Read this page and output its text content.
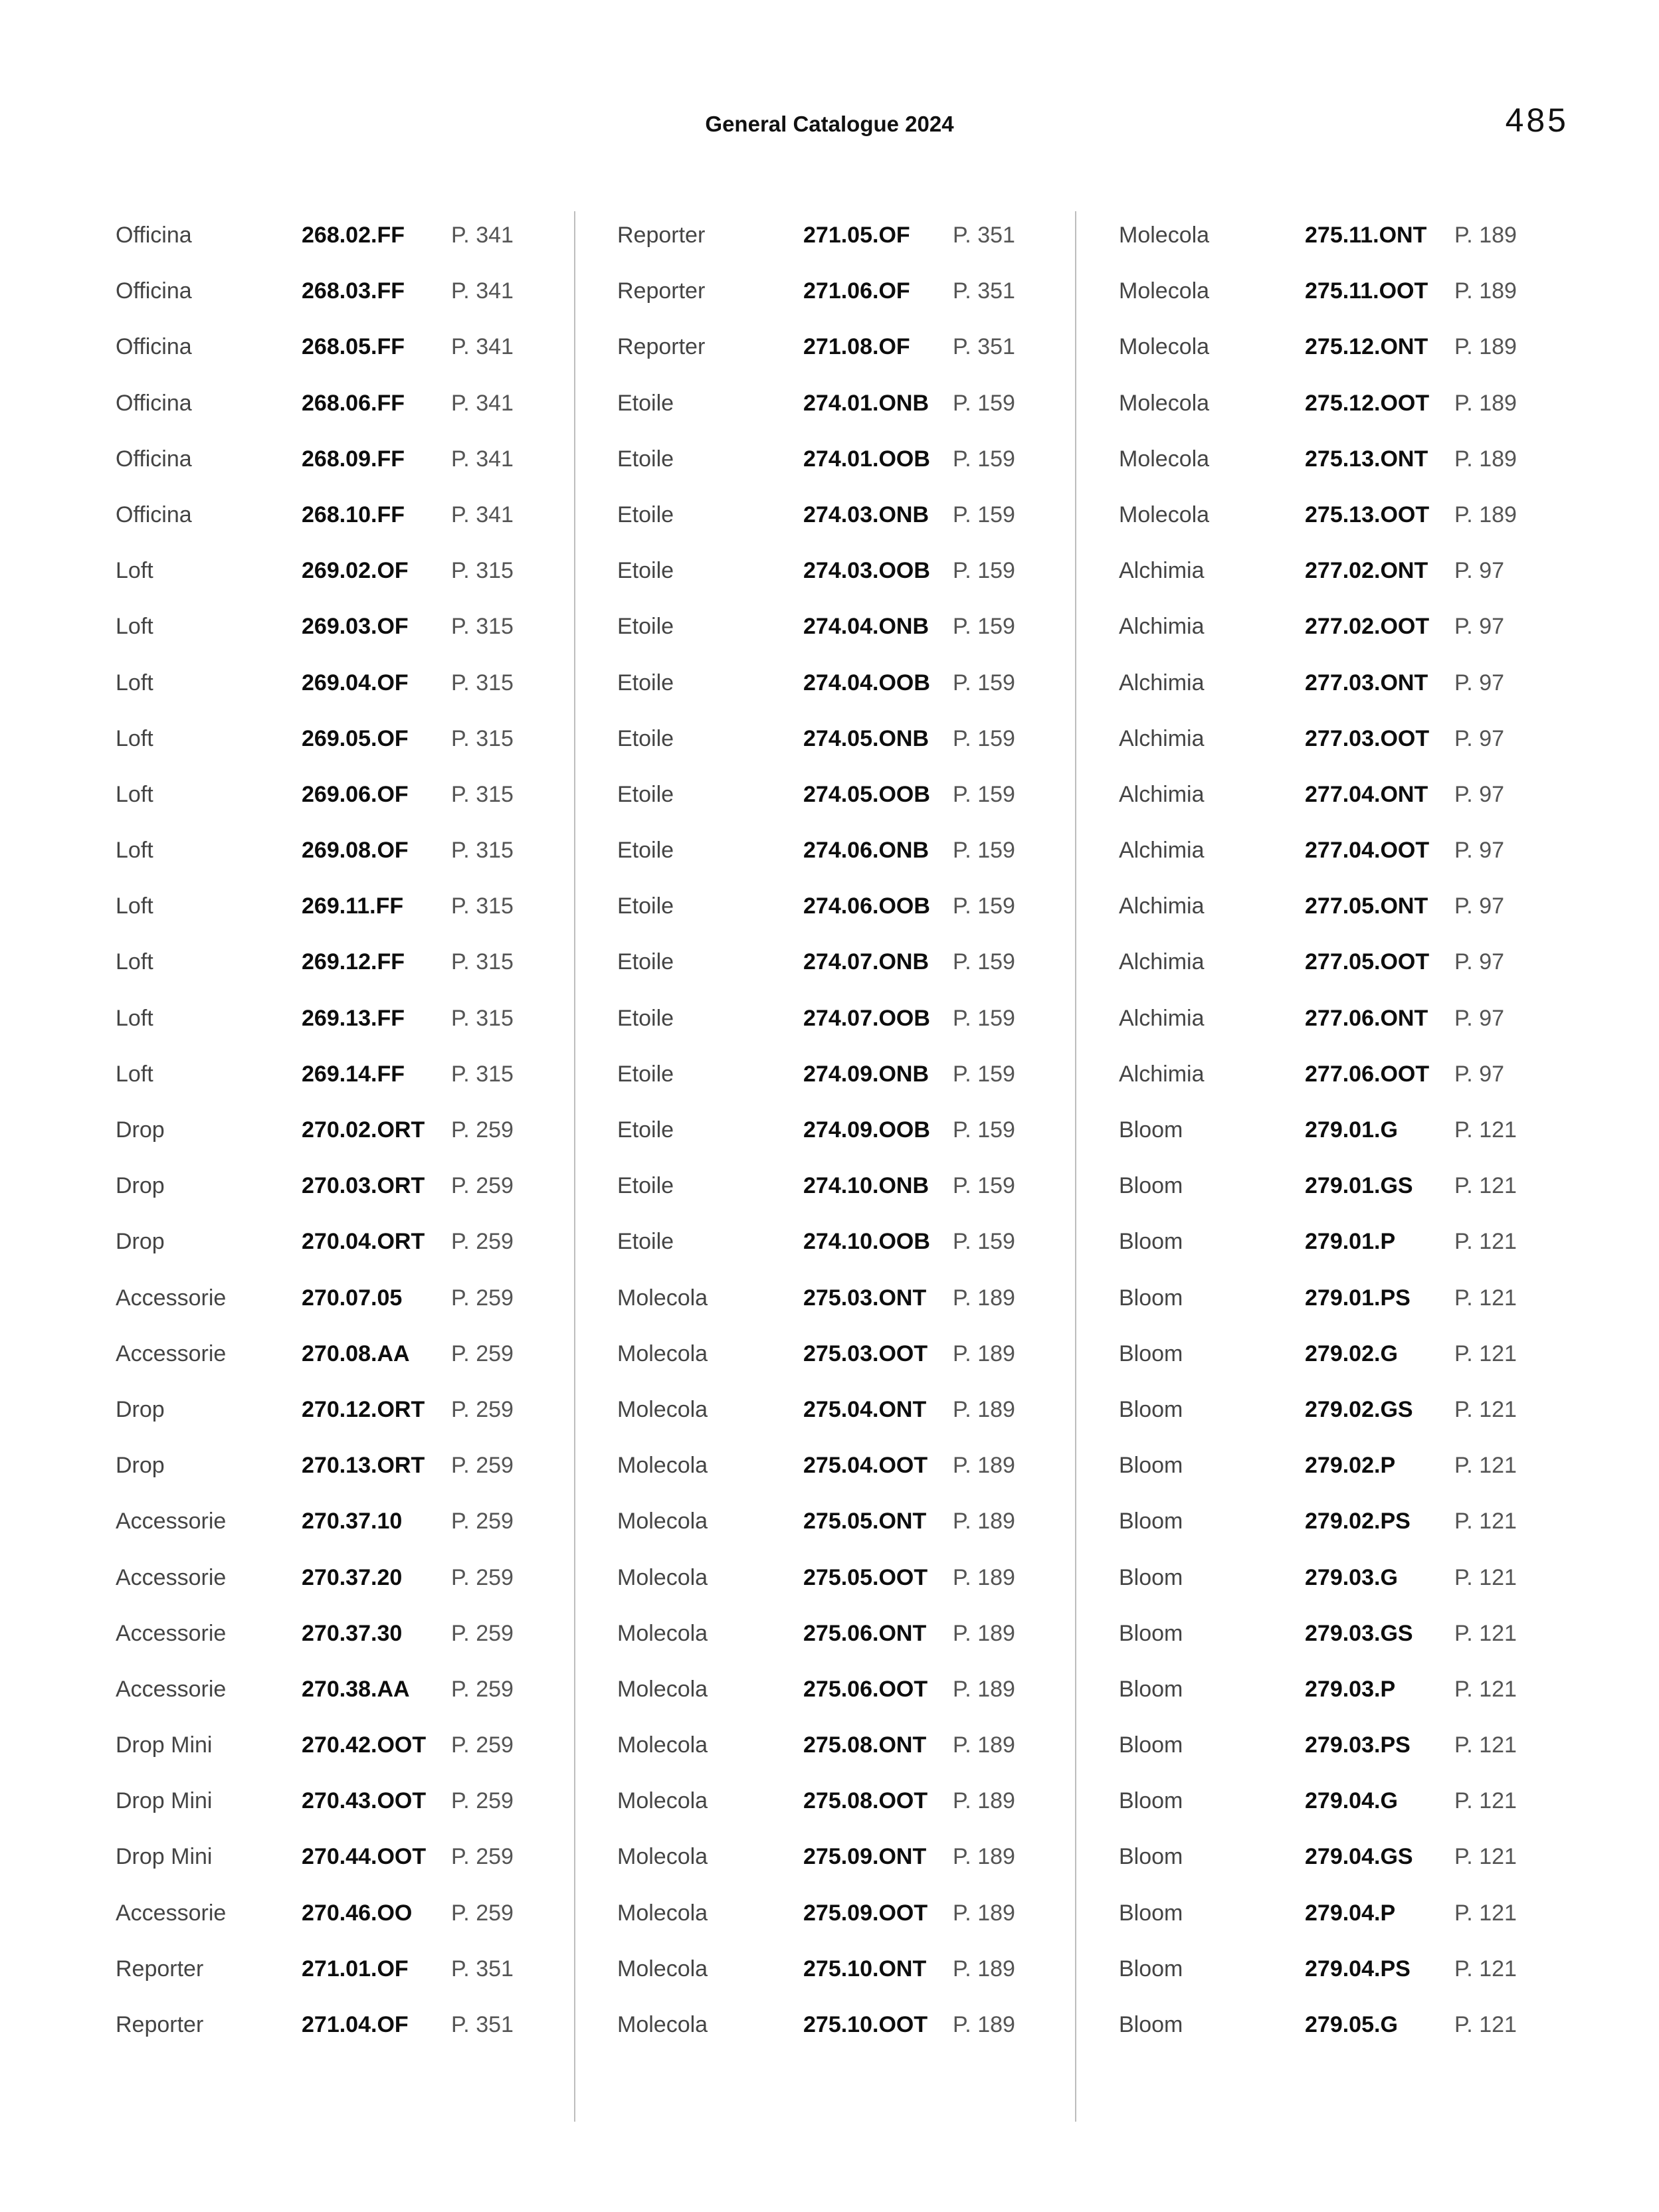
General Catalogue 2024	485
Officina	268.02.FF P. 341
Officina	268.03.FF P. 341
Officina	268.05.FF P. 341
Officina	268.06.FF P. 341
Officina	268.09.FF P. 341
Officina	268.10.FF P. 341
Loft	269.02.OF P. 315
Loft	269.03.OF P. 315
Loft	269.04.OF P. 315
Loft	269.05.OF P. 315
Loft	269.06.OF P. 315
Loft	269.08.OF P. 315
Loft	269.11.FF P. 315
Loft	269.12.FF P. 315
Loft	269.13.FF P. 315
Loft	269.14.FF P. 315
Drop	270.02.ORT P. 259
Drop	270.03.ORT P. 259
Drop	270.04.ORT P. 259
Accessorie	270.07.05 P. 259
Accessorie	270.08.AA P. 259
Drop	270.12.ORT P. 259
Drop	270.13.ORT P. 259
Accessorie	270.37.10 P. 259
Accessorie	270.37.20 P. 259
Accessorie	270.37.30 P. 259
Accessorie	270.38.AA P. 259
Drop Mini	270.42.OOT P. 259
Drop Mini	270.43.OOT P. 259
Drop Mini	270.44.OOT P. 259
Accessorie	270.46.OO P. 259
Reporter	271.01.OF P. 351
Reporter	271.04.OF P. 351
Reporter	271.05.OF P. 351
Reporter	271.06.OF P. 351
Reporter	271.08.OF P. 351
Etoile	274.01.ONB P. 159
Etoile	274.01.OOB P. 159
Etoile	274.03.ONB P. 159
Etoile	274.03.OOB P. 159
Etoile	274.04.ONB P. 159
Etoile	274.04.OOB P. 159
Etoile	274.05.ONB P. 159
Etoile	274.05.OOB P. 159
Etoile	274.06.ONB P. 159
Etoile	274.06.OOB P. 159
Etoile	274.07.ONB P. 159
Etoile	274.07.OOB P. 159
Etoile	274.09.ONB P. 159
Etoile	274.09.OOB P. 159
Etoile	274.10.ONB P. 159
Etoile	274.10.OOB P. 159
Molecola	275.03.ONT P. 189
Molecola	275.03.OOT P. 189
Molecola	275.04.ONT P. 189
Molecola	275.04.OOT P. 189
Molecola	275.05.ONT P. 189
Molecola	275.05.OOT P. 189
Molecola	275.06.ONT P. 189
Molecola	275.06.OOT P. 189
Molecola	275.08.ONT P. 189
Molecola	275.08.OOT P. 189
Molecola	275.09.ONT P. 189
Molecola	275.09.OOT P. 189
Molecola	275.10.ONT P. 189
Molecola	275.10.OOT P. 189
Molecola	275.11.ONT P. 189
Molecola	275.11.OOT P. 189
Molecola	275.12.ONT P. 189
Molecola	275.12.OOT P. 189
Molecola	275.13.ONT P. 189
Molecola	275.13.OOT P. 189
Alchimia	277.02.ONT P. 97
Alchimia	277.02.OOT P. 97
Alchimia	277.03.ONT P. 97
Alchimia	277.03.OOT P. 97
Alchimia	277.04.ONT P. 97
Alchimia	277.04.OOT P. 97
Alchimia	277.05.ONT P. 97
Alchimia	277.05.OOT P. 97
Alchimia	277.06.ONT P. 97
Alchimia	277.06.OOT P. 97
Bloom	279.01.G	P. 121
Bloom	279.01.GS P. 121
Bloom	279.01.P	P. 121
Bloom	279.01.PS P. 121
Bloom	279.02.G	P. 121
Bloom	279.02.GS P. 121
Bloom	279.02.P	P. 121
Bloom	279.02.PS P. 121
Bloom	279.03.G	P. 121
Bloom	279.03.GS P. 121
Bloom	279.03.P	P. 121
Bloom	279.03.PS P. 121
Bloom	279.04.G	P. 121
Bloom	279.04.GS P. 121
Bloom	279.04.P	P. 121
Bloom	279.04.PS P. 121
Bloom	279.05.G	P. 121
